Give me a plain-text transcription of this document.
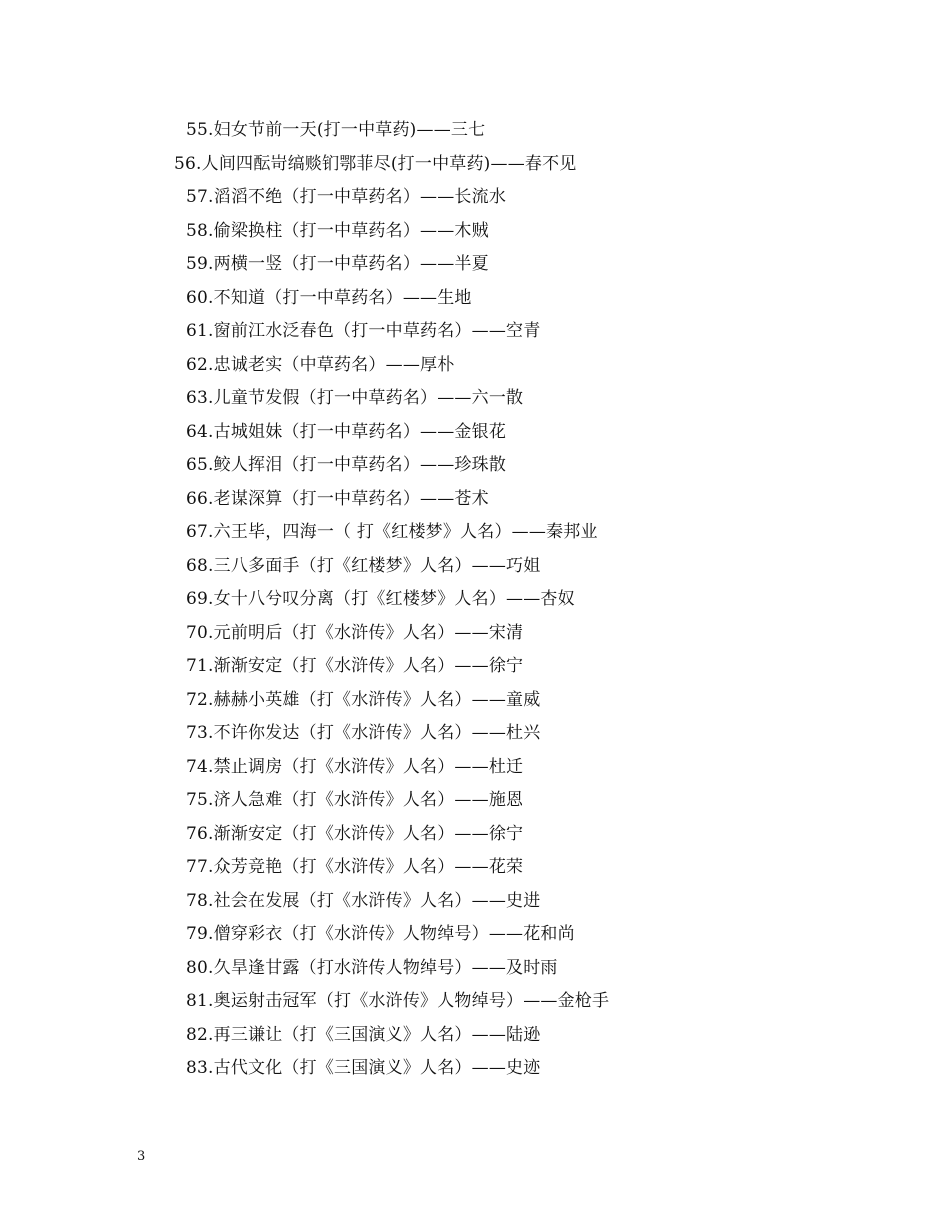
55.妇女节前一天(打一中草药)——三七
56.人间四酝岢缟赕钔鄂菲尽(打一中草药)——春不见
57.滔滔不绝（打一中草药名）——长流水
58.偷梁换柱（打一中草药名）——木贼
59.两横一竖（打一中草药名）——半夏
60.不知道（打一中草药名）——生地
61.窗前江水泛春色（打一中草药名）——空青
62.忠诚老实（中草药名）——厚朴
63.儿童节发假（打一中草药名）——六一散
64.古城姐妹（打一中草药名）——金银花
65.鲛人挥泪（打一中草药名）——珍珠散
66.老谋深算（打一中草药名）——苍术
67.六王毕，四海一（ 打《红楼梦》人名）——秦邦业
68.三八多面手（打《红楼梦》人名）——巧姐
69.女十八兮叹分离（打《红楼梦》人名）——杏奴
70.元前明后（打《水浒传》人名）——宋清
71.渐渐安定（打《水浒传》人名）——徐宁
72.赫赫小英雄（打《水浒传》人名）——童威
73.不许你发达（打《水浒传》人名）——杜兴
74.禁止调房（打《水浒传》人名）——杜迁
75.济人急难（打《水浒传》人名）——施恩
76.渐渐安定（打《水浒传》人名）——徐宁
77.众芳竞艳（打《水浒传》人名）——花荣
78.社会在发展（打《水浒传》人名）——史进
79.僧穿彩衣（打《水浒传》人物绰号）——花和尚
80.久旱逢甘露（打水浒传人物绰号）——及时雨
81.奥运射击冠军（打《水浒传》人物绰号）——金枪手
82.再三谦让（打《三国演义》人名）——陆逊
83.古代文化（打《三国演义》人名）——史迹
3
